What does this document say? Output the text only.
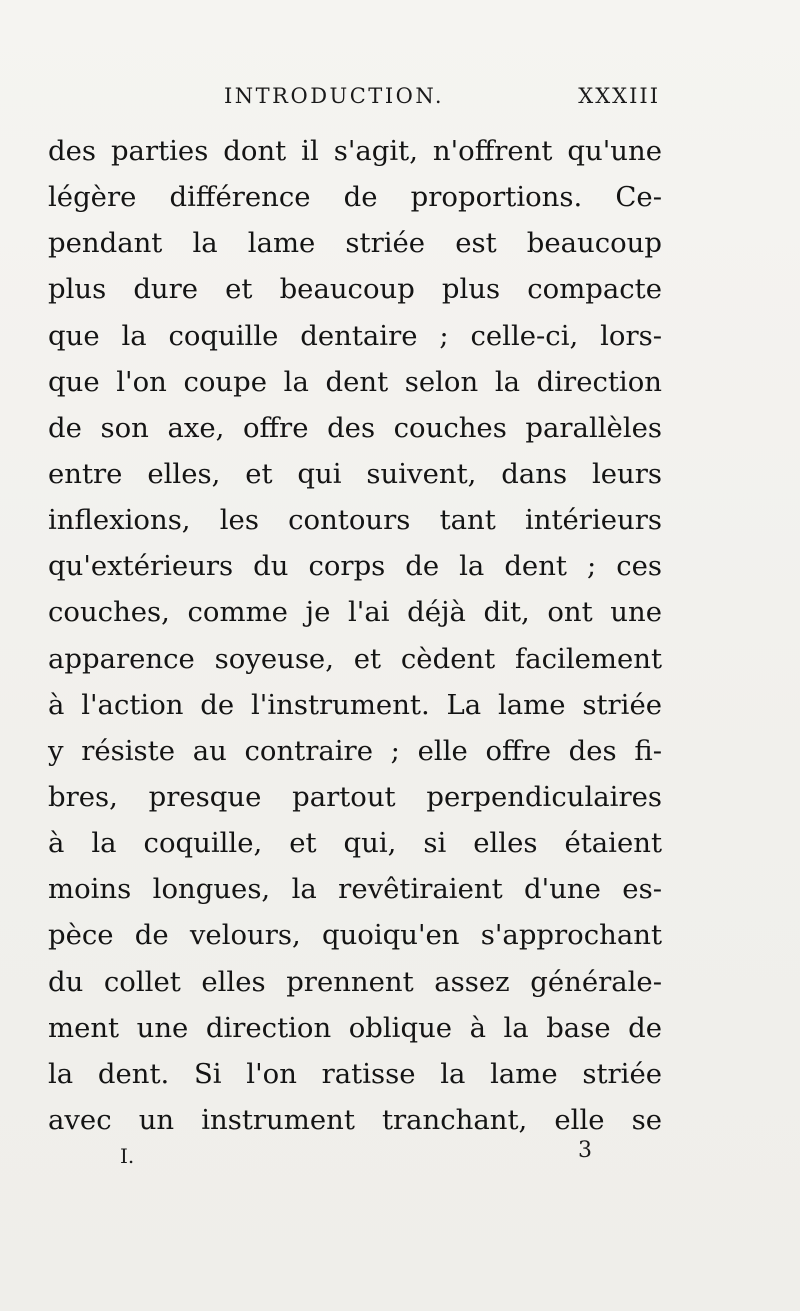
INTRODUCTION.	XXXIII
des parties dont il s'agit, n'offrent qu'une
légère différence de proportions. Ce-
pendant la lame striée est beaucoup
plus dure et beaucoup plus compacte
que la coquille dentaire ; celle-ci, lors-
que l'on coupe la dent selon la direction
de son axe, offre des couches parallèles
entre elles, et qui suivent, dans leurs
inflexions, les contours tant intérieurs
qu'extérieurs du corps de la dent ; ces
couches, comme je l'ai déjà dit, ont une
apparence soyeuse, et cèdent facilement
à l'action de l'instrument. La lame striée
y résiste au contraire ; elle offre des fi-
bres, presque partout perpendiculaires
à la coquille, et qui, si elles étaient
moins longues, la revêtiraient d'une es-
pèce de velours, quoiqu'en s'approchant
du collet elles prennent assez générale-
ment une direction oblique à la base de
la dent. Si l'on ratisse la lame striée
avec un instrument tranchant, elle se
I.	3
